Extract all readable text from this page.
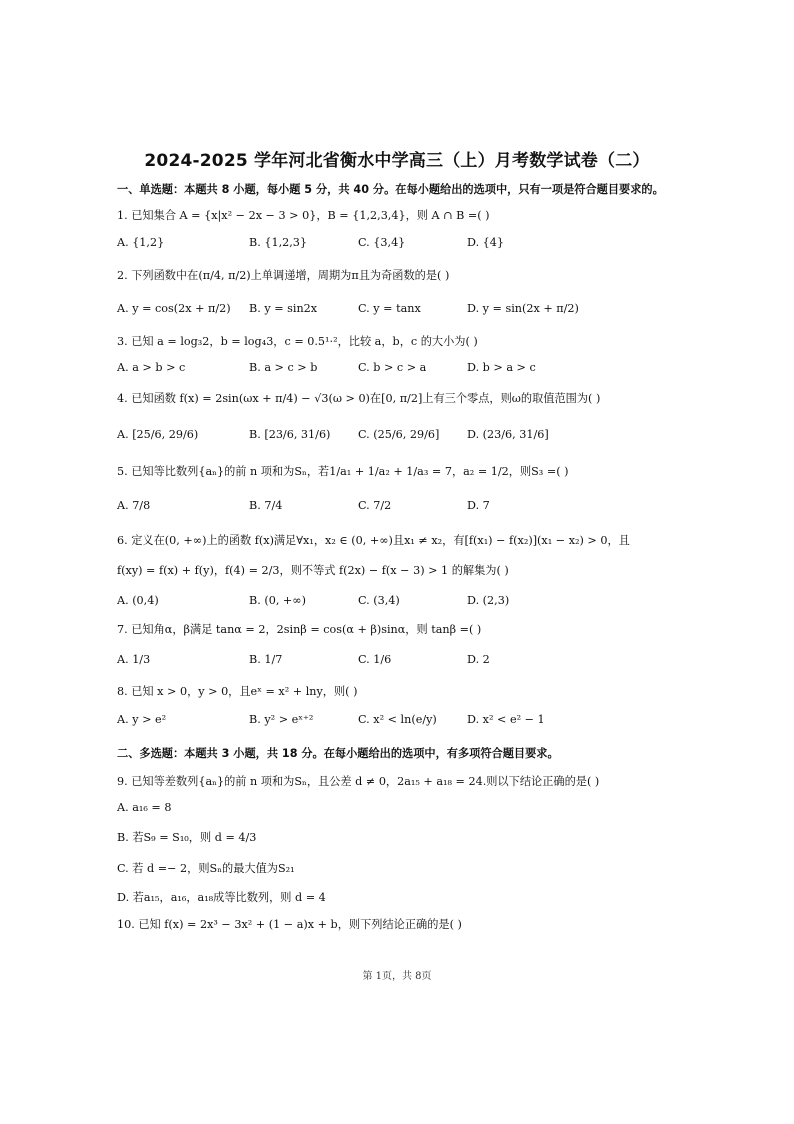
2024-2025 学年河北省衡水中学高三（上）月考数学试卷（二）
一、单选题：本题共 8 小题，每小题 5 分，共 40 分。在每小题给出的选项中，只有一项是符合题目要求的。
1. 已知集合 A = {x|x² − 2x − 3 > 0}，B = {1,2,3,4}，则 A ∩ B =( )
A. {1,2}	B. {1,2,3}	C. {3,4}	D. {4}
2. 下列函数中在(π/4, π/2)上单调递增，周期为π且为奇函数的是( )
A. y = cos(2x + π/2) B. y = sin2x	C. y = tanx	D. y = sin(2x + π/2)
3. 已知 a = log₃2，b = log₄3，c = 0.5¹·²，比较 a，b，c 的大小为( )
A. a > b > c	B. a > c > b	C. b > c > a	D. b > a > c
4. 已知函数 f(x) = 2sin(ωx + π/4) − √3(ω > 0)在[0, π/2]上有三个零点，则ω的取值范围为( )
A. [25/6, 29/6)	B. [23/6, 31/6) C. (25/6, 29/6] D. (23/6, 31/6]
5. 已知等比数列{aₙ}的前 n 项和为Sₙ，若1/a₁ + 1/a₂ + 1/a₃ = 7，a₂ = 1/2，则S₃ =( )
A. 7/8	B. 7/4	C. 7/2	D. 7
6. 定义在(0, +∞)上的函数 f(x)满足∀x₁，x₂ ∈ (0, +∞)且x₁ ≠ x₂，有[f(x₁) − f(x₂)](x₁ − x₂) > 0，且
f(xy) = f(x) + f(y)，f(4) = 2/3，则不等式 f(2x) − f(x − 3) > 1 的解集为( )
A. (0,4)	B. (0, +∞)	C. (3,4)	D. (2,3)
7. 已知角α，β满足 tanα = 2，2sinβ = cos(α + β)sinα，则 tanβ =( )
A. 1/3	B. 1/7	C. 1/6	D. 2
8. 已知 x > 0，y > 0，且eˣ = x² + lny，则( )
A. y > e²	B. y² > eˣ⁺²	C. x² < ln(e/y)	D. x² < e² − 1
二、多选题：本题共 3 小题，共 18 分。在每小题给出的选项中，有多项符合题目要求。
9. 已知等差数列{aₙ}的前 n 项和为Sₙ，且公差 d ≠ 0，2a₁₅ + a₁₈ = 24.则以下结论正确的是( )
A. a₁₆ = 8
B. 若S₉ = S₁₀，则 d = 4/3
C. 若 d =− 2，则Sₙ的最大值为S₂₁
D. 若a₁₅，a₁₆，a₁₈成等比数列，则 d = 4
10. 已知 f(x) = 2x³ − 3x² + (1 − a)x + b，则下列结论正确的是( )
第 1页，共 8页
